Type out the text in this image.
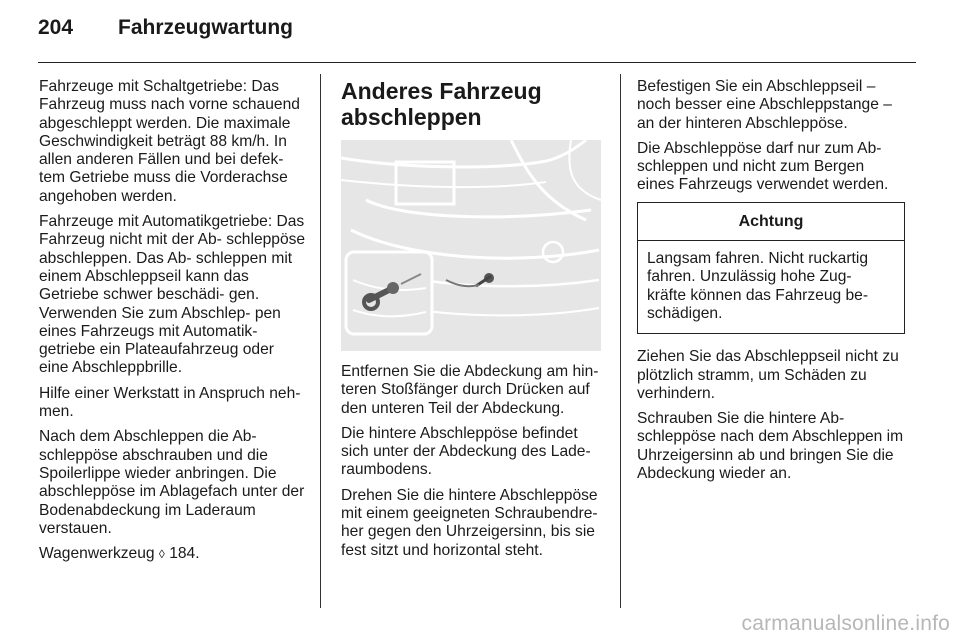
204	Fahrzeugwartung

Fahrzeuge mit Schaltgetriebe: Das Fahrzeug muss nach vorne schauend abgeschleppt werden. Die maximale Geschwindigkeit beträgt 88 km/h. In allen anderen Fällen und bei defek‐ tem Getriebe muss die Vorderachse angehoben werden.

Fahrzeuge mit Automatikgetriebe: Das Fahrzeug nicht mit der Ab‐ schleppöse abschleppen. Das Ab‐ schleppen mit einem Abschleppseil kann das Getriebe schwer beschädi‐ gen. Verwenden Sie zum Abschlep‐ pen eines Fahrzeugs mit Automatik‐ getriebe ein Plateaufahrzeug oder eine Abschleppbrille.

Hilfe einer Werkstatt in Anspruch neh‐ men.

Nach dem Abschleppen die Ab‐ schleppöse abschrauben und die Spoilerlippe wieder anbringen. Die abschleppöse im Ablagefach unter der Bodenabdeckung im Laderaum verstauen.

Wagenwerkzeug ◊ 184.

Anderes Fahrzeug abschleppen

Entfernen Sie die Abdeckung am hin‐ teren Stoßfänger durch Drücken auf den unteren Teil der Abdeckung.

Die hintere Abschleppöse befindet sich unter der Abdeckung des Lade‐ raumbodens.

Drehen Sie die hintere Abschleppöse mit einem geeigneten Schraubendre‐ her gegen den Uhrzeigersinn, bis sie fest sitzt und horizontal steht.

Befestigen Sie ein Abschleppseil – noch besser eine Abschleppstange – an der hinteren Abschleppöse.

Die Abschleppöse darf nur zum Ab‐ schleppen und nicht zum Bergen eines Fahrzeugs verwendet werden.

Achtung
Langsam fahren. Nicht ruckartig fahren. Unzulässig hohe Zug‐ kräfte können das Fahrzeug be‐ schädigen.

Ziehen Sie das Abschleppseil nicht zu plötzlich stramm, um Schäden zu verhindern.

Schrauben Sie die hintere Ab‐ schleppöse nach dem Abschleppen im Uhrzeigersinn ab und bringen Sie die Abdeckung wieder an.

carmanualsonline.info
